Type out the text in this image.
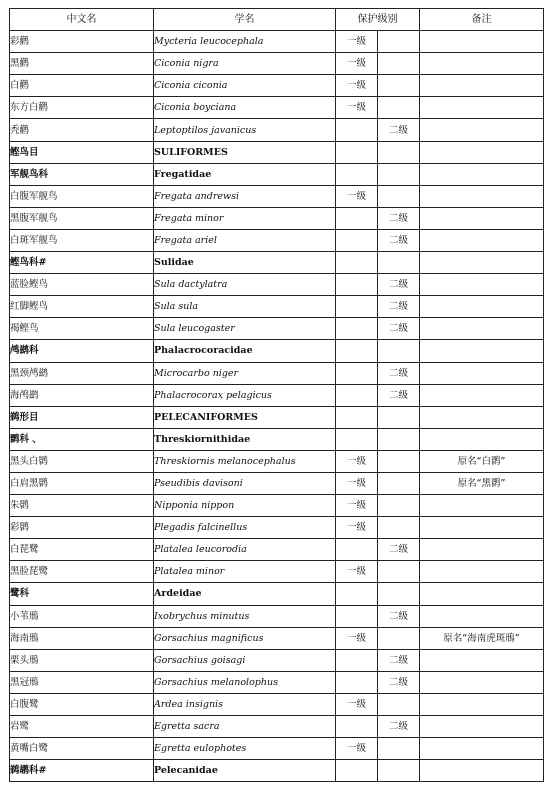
中文名	学名	保护级别		备注
彩鹳	Mycteria leucocephala	一级		
黑鹳	Ciconia nigra	一级		
白鹳	Ciconia ciconia	一级		
东方白鹳	Ciconia boyciana	一级		
秃鹳	Leptoptilos javanicus		二级	
鲣鸟目	SULIFORMES			
军舰鸟科	Fregatidae			
白腹军舰鸟	Fregata andrewsi	一级		
黑腹军舰鸟	Fregata minor		二级	
白斑军舰鸟	Fregata ariel		二级	
鲣鸟科#	Sulidae			
蓝脸鲣鸟	Sula dactylatra		二级	
红脚鲣鸟	Sula sula		二级	
褐鲣鸟	Sula leucogaster		二级	
鸬鹚科	Phalacrocoracidae			
黑颈鸬鹚	Microcarbo niger		二级	
海鸬鹚	Phalacrocorax pelagicus		二级	
鹈形目	PELECANIFORMES			
鹮科 、	Threskiornithidae			
黑头白鹮	Threskiornis melanocephalus	一级		原名“白鹮”
白肩黑鹮	Pseudibis davisoni	一级		原名“黑鹮”
朱鹮	Nipponia nippon	一级		
彩鹮	Plegadis falcinellus	一级		
白琵鹭	Platalea leucorodia		二级	
黑脸琵鹭	Platalea minor	一级		
鹭科	Ardeidae			
小苇鳽	Ixobrychus minutus		二级	
海南鳽	Gorsachius magnificus	一级		原名“海南虎斑鳽”
栗头鳽	Gorsachius goisagi		二级	
黑冠鳽	Gorsachius melanolophus		二级	
白腹鹭	Ardea insignis	一级		
岩鹭	Egretta sacra		二级	
黄嘴白鹭	Egretta eulophotes	一级		
鹈鹕科#	Pelecanidae			
